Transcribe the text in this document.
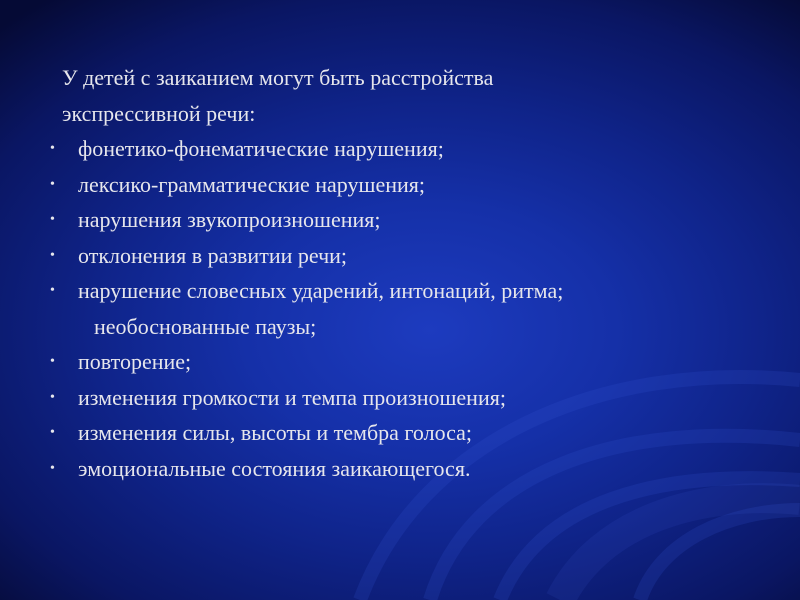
У детей с заиканием могут быть расстройства
экспрессивной речи:

• фонетико-фонематические нарушения;
• лексико-грамматические нарушения;
• нарушения звукопроизношения;
• отклонения в развитии речи;
• нарушение словесных ударений, интонаций, ритма;
необоснованные паузы;
• повторение;
• изменения громкости и темпа произношения;
• изменения силы, высоты и тембра голоса;
• эмоциональные состояния заикающегося.
